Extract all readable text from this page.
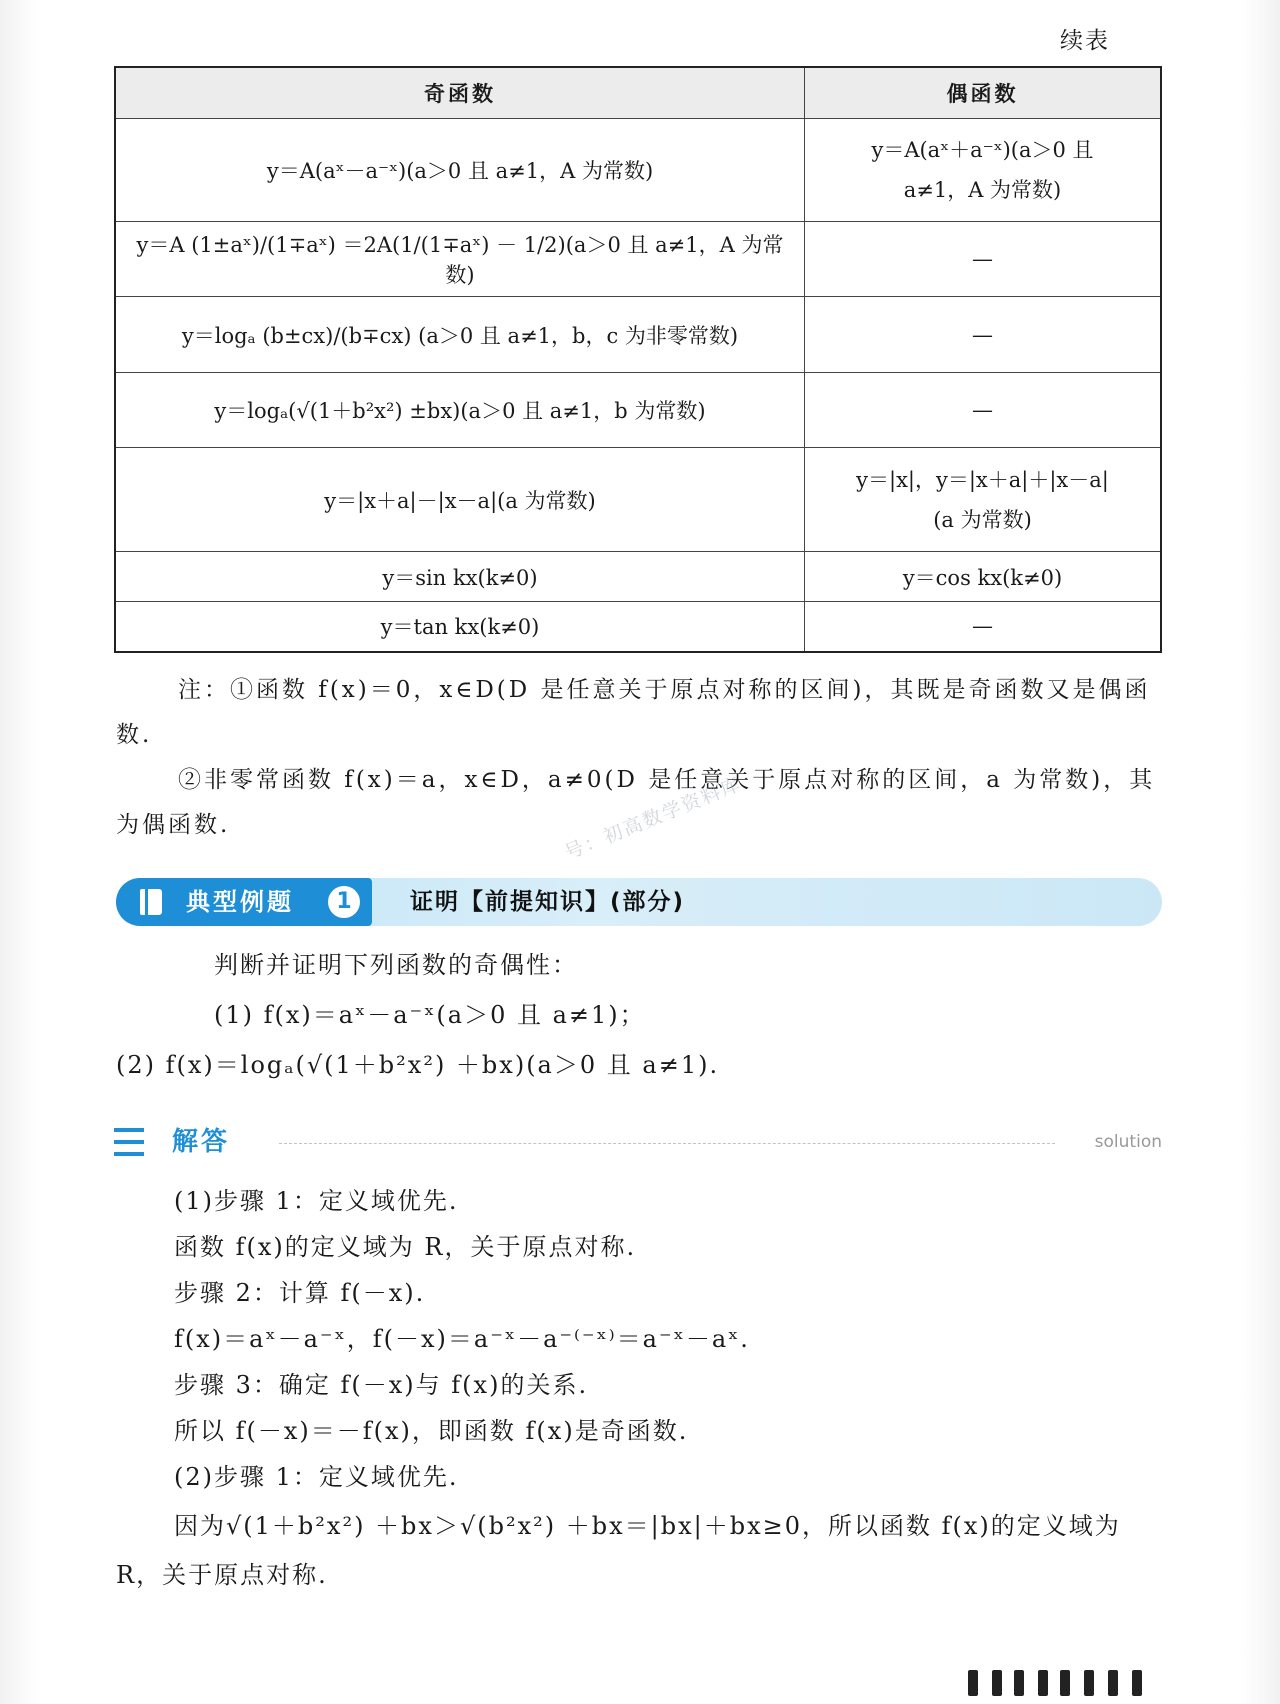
续表
奇函数	偶函数
y＝A(aˣ－a⁻ˣ)(a＞0 且 a≠1，A 为常数)	y＝A(aˣ＋a⁻ˣ)(a＞0 且
a≠1，A 为常数)

y＝A (1±aˣ)/(1∓aˣ) ＝2A(1/(1∓aˣ) － 1/2)(a＞0 且 a≠1，A 为常数)	—
y＝logₐ (b±cx)/(b∓cx) (a＞0 且 a≠1，b，c 为非零常数)	—
y＝logₐ(√(1＋b²x²) ±bx)(a＞0 且 a≠1，b 为常数)	—
y＝|x＋a|－|x－a|(a 为常数)	y＝|x|，y＝|x＋a|＋|x－a|
(a 为常数)

y＝sin kx(k≠0)	y＝cos kx(k≠0)
y＝tan kx(k≠0)	—

注：①函数 f(x)＝0，x∈D(D 是任意关于原点对称的区间)，其既是奇函数又是偶函数.

②非零常函数 f(x)＝a，x∈D，a≠0(D 是任意关于原点对称的区间，a 为常数)，其为偶函数.	号：初高数学资料库
典型例题	1	证明【前提知识】(部分)
判断并证明下列函数的奇偶性：
(1) f(x)＝aˣ－a⁻ˣ(a＞0 且 a≠1)；
(2) f(x)＝logₐ(√(1＋b²x²) ＋bx)(a＞0 且 a≠1).
解答	solution
(1)步骤 1：定义域优先.
函数 f(x)的定义域为 R，关于原点对称.
步骤 2：计算 f(－x).
f(x)＝aˣ－a⁻ˣ，f(－x)＝a⁻ˣ－a⁻⁽⁻ˣ⁾＝a⁻ˣ－aˣ.
步骤 3：确定 f(－x)与 f(x)的关系.
所以 f(－x)＝－f(x)，即函数 f(x)是奇函数.
(2)步骤 1：定义域优先.
因为√(1＋b²x²) ＋bx＞√(b²x²) ＋bx＝|bx|＋bx≥0，所以函数 f(x)的定义域为
R，关于原点对称.
